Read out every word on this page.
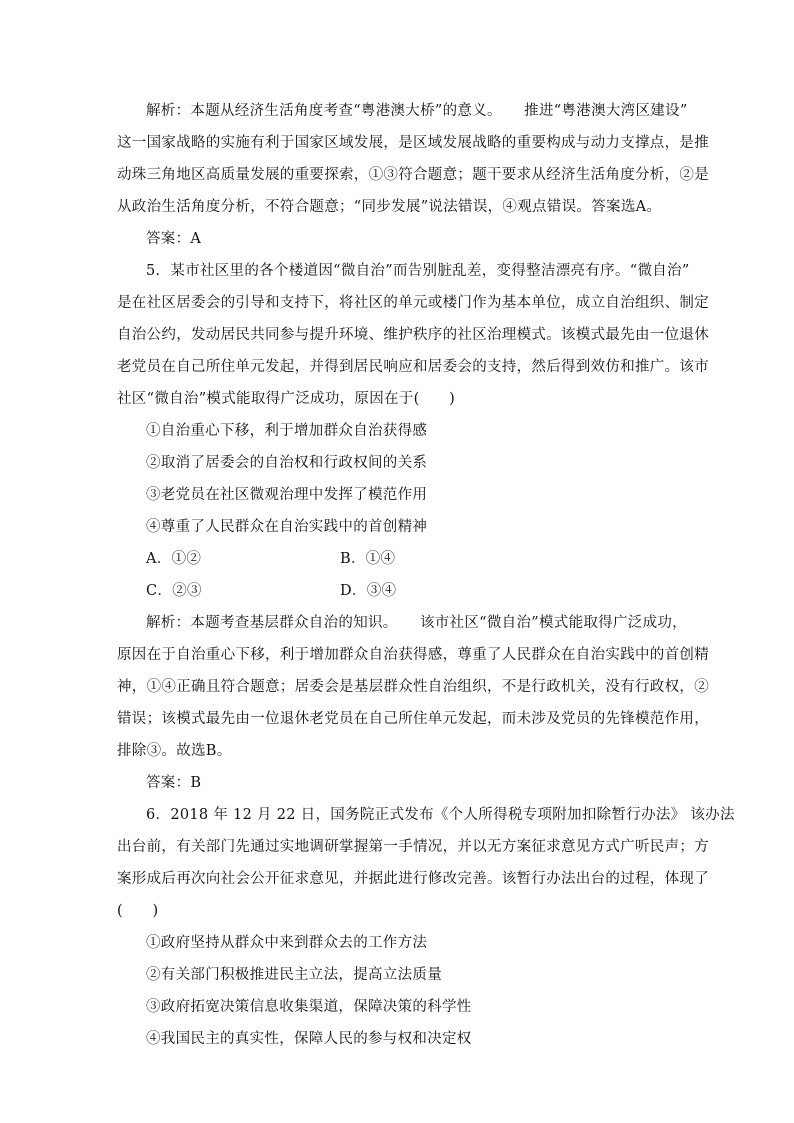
解析：本题从经济生活角度考查“粤港澳大桥”的意义。　　推进“粤港澳大湾区建设”
这一国家战略的实施有利于国家区域发展，是区域发展战略的重要构成与动力支撑点，是推
动珠三角地区高质量发展的重要探索，①③符合题意；题干要求从经济生活角度分析，②是
从政治生活角度分析，不符合题意；“同步发展”说法错误，④观点错误。答案选A。
答案：A
5．某市社区里的各个楼道因“微自治”而告别脏乱差，变得整洁漂亮有序。“微自治”
是在社区居委会的引导和支持下，将社区的单元或楼门作为基本单位，成立自治组织、制定
自治公约，发动居民共同参与提升环境、维护秩序的社区治理模式。该模式最先由一位退休
老党员在自己所住单元发起，并得到居民响应和居委会的支持，然后得到效仿和推广。该市
社区“微自治”模式能取得广泛成功，原因在于(　　)
①自治重心下移，利于增加群众自治获得感
②取消了居委会的自治权和行政权间的关系
③老党员在社区微观治理中发挥了模范作用
④尊重了人民群众在自治实践中的首创精神
A．①②	B．①④
C．②③	D．③④
解析：本题考查基层群众自治的知识。　　该市社区“微自治”模式能取得广泛成功，
原因在于自治重心下移，利于增加群众自治获得感，尊重了人民群众在自治实践中的首创精
神，①④正确且符合题意；居委会是基层群众性自治组织，不是行政机关，没有行政权，②
错误；该模式最先由一位退休老党员在自己所住单元发起，而未涉及党员的先锋模范作用，
排除③。故选B。
答案：B
6．2018 年 12 月 22 日，国务院正式发布《个人所得税专项附加扣除暂行办法》 该办法
出台前，有关部门先通过实地调研掌握第一手情况，并以无方案征求意见方式广听民声；方
案形成后再次向社会公开征求意见，并据此进行修改完善。该暂行办法出台的过程，体现了
(　　)
①政府坚持从群众中来到群众去的工作方法
②有关部门积极推进民主立法，提高立法质量
③政府拓宽决策信息收集渠道，保障决策的科学性
④我国民主的真实性，保障人民的参与权和决定权
